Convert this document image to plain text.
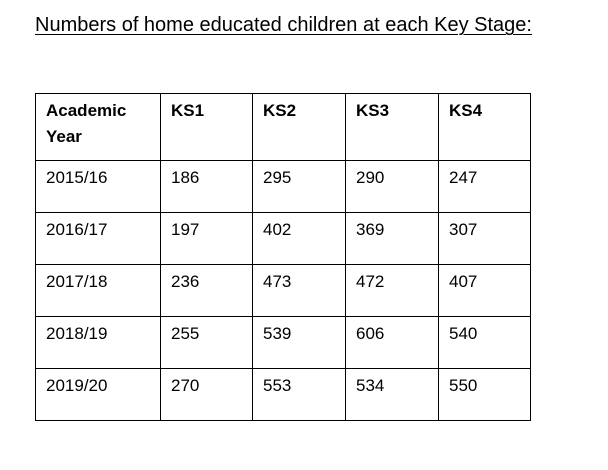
Numbers of home educated children at each Key Stage:
Academic Year	KS1	KS2	KS3	KS4
2015/16	186	295	290	247
2016/17	197	402	369	307
2017/18	236	473	472	407
2018/19	255	539	606	540
2019/20	270	553	534	550
